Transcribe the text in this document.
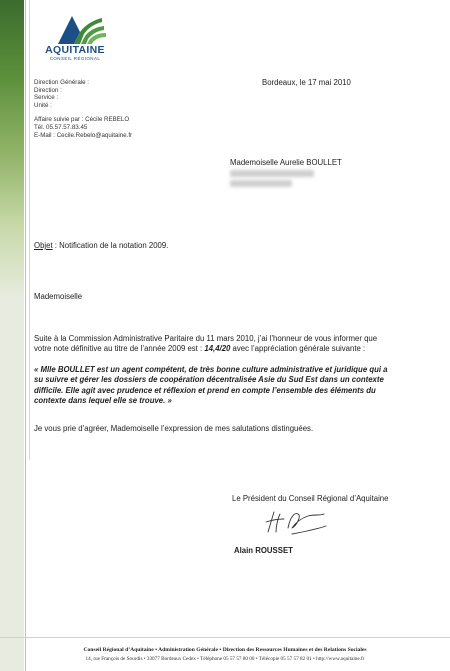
AQUITAINE
CONSEIL RÉGIONAL
Direction Générale :
Direction :
Service :
Unité :
Affaire suivie par : Cécile REBELO
Tél. 05.57.57.83.45
E-Mail : Cecile.Rebelo@aquitaine.fr
Bordeaux, le 17 mai 2010
Mademoiselle Aurelie BOULLET
Objet : Notification de la notation 2009.
Mademoiselle
Suite à la Commission Administrative Paritaire du 11 mars 2010, j’ai l’honneur de vous informer que
votre note définitive au titre de l’année 2009 est : 14,4/20 avec l’appréciation générale suivante :
« Mlle BOULLET est un agent compétent, de très bonne culture administrative et juridique qui a
su suivre et gérer les dossiers de coopération décentralisée Asie du Sud Est dans un contexte
difficile. Elle agit avec prudence et réflexion et prend en compte l’ensemble des éléments du
contexte dans lequel elle se trouve. »
Je vous prie d’agréer, Mademoiselle l’expression de mes salutations distinguées.
Le Président du Conseil Régional d’Aquitaine
Alain ROUSSET
Conseil Régional d’Aquitaine • Administration Générale • Direction des Ressources Humaines et des Relations Sociales
14, rue François de Sourdis • 33077 Bordeaux Cedex • Téléphone 05 57 57 80 00 • Télécopie 05 57 57 82 01 • http://www.aquitaine.fr
